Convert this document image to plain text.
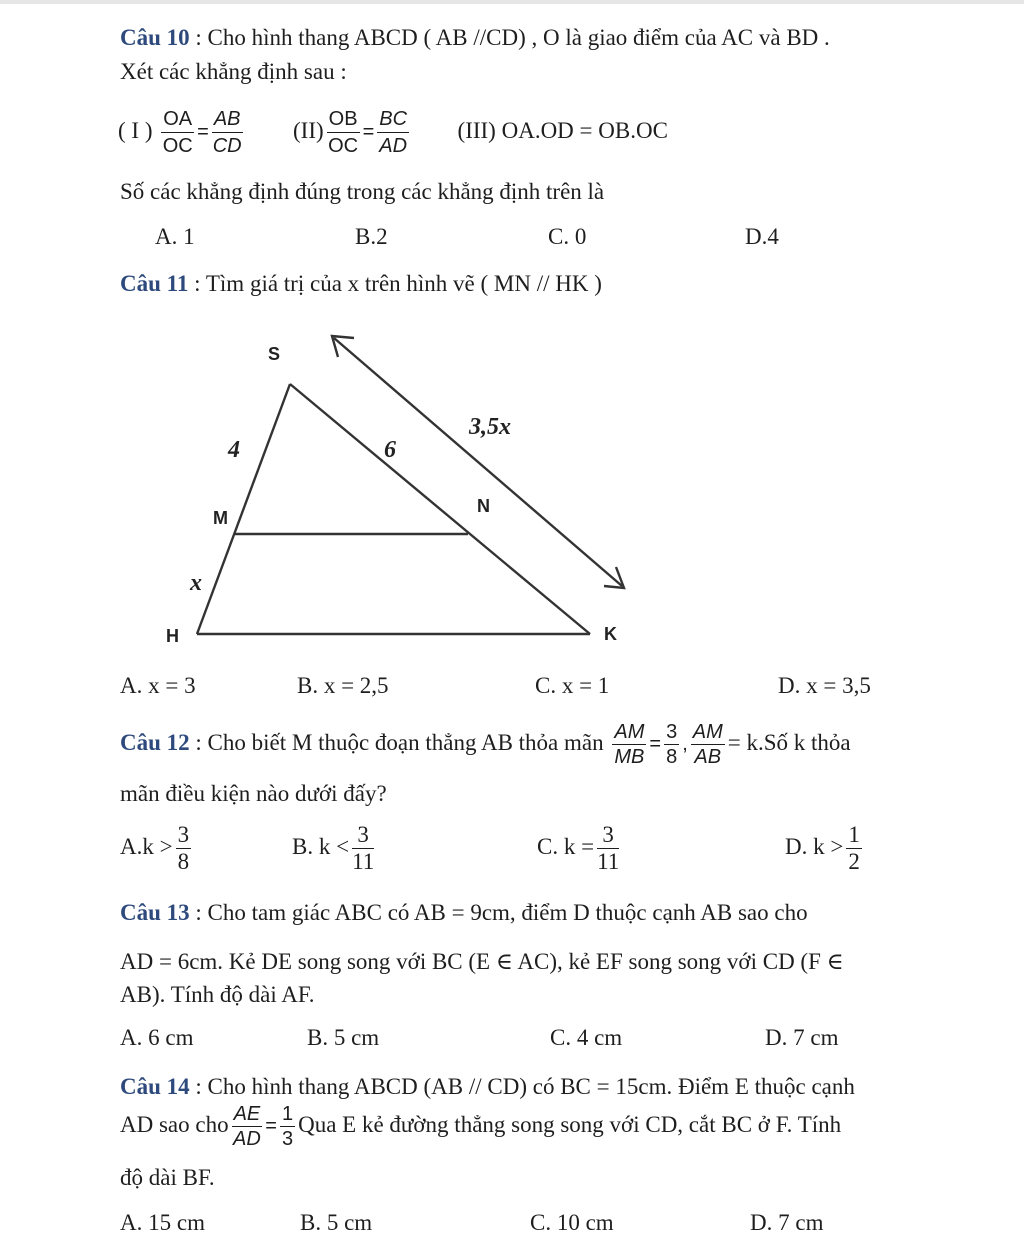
Câu 10 : Cho hình thang ABCD ( AB //CD) , O là giao điểm của AC và BD .
Xét các khẳng định sau :
( I ) $\frac{OA}{OC} = \frac{AB}{CD} (II) \frac{OB}{OC} = \frac{BC}{AD} (III) OA.OD = OB.OC$
Số các khẳng định đúng trong các khẳng định trên là
A. 1	B.2	C. 0	D.4
Câu 11 : Tìm giá trị của x trên hình vẽ ( MN // HK )
S
M
H
N
K
4	6
3,5x
x
A. x = 3	B. x = 2,5	C. x = 1	D. x = 3,5
Câu 12 : Cho biết M thuộc đoạn thẳng AB thỏa mãn $\frac{AM}{MB} = \frac{3}{8}$ , $\frac{AM}{AB}$ = k.Số k thỏa
mãn điều kiện nào dưới đấy?
$A.k > \frac{3}{8}$	B. $k < \frac{3}{11}$	C. $k = \frac{3}{11}$	D. $k > \frac{1}{2}$
Câu 13 : Cho tam giác ABC có AB = 9cm, điểm D thuộc cạnh AB sao cho
AD = 6cm. Kẻ DE song song với BC (E ∈ AC), kẻ EF song song với CD (F ∈
AB). Tính độ dài AF.
A. 6 cm	B. 5 cm	C. 4 cm	D. 7 cm
Câu 14 : Cho hình thang ABCD (AB // CD) có BC = 15cm. Điểm E thuộc cạnh
AD sao cho $\frac{AE}{AD} = \frac{1}{3}$ Qua E kẻ đường thẳng song song với CD, cắt BC ở F. Tính
độ dài BF.
A. 15 cm	B. 5 cm	C. 10 cm	D. 7 cm
